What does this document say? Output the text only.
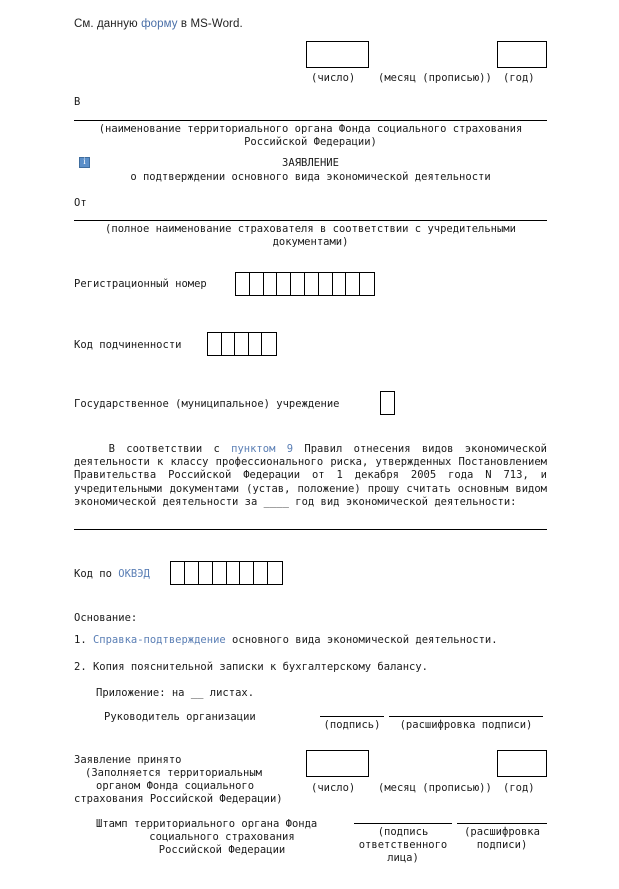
См. данную форму в MS-Word.
i
(число) (месяц (прописью)) (год)
В
(наименование территориального органа Фонда социального страхования
Российской Федерации)
ЗАЯВЛЕНИЕ
о подтверждении основного вида экономической деятельности
От
(полное наименование страхователя в соответствии с учредительными
документами)
Регистрационный номер
Код подчиненности
Государственное (муниципальное) учреждение
В соответствии с пунктом 9 Правил отнесения видов экономической деятельности к классу профессионального риска, утвержденных Постановлением Правительства Российской Федерации от 1 декабря 2005 года N 713, и учредительными документами (устав, положение) прошу считать основным видом экономической деятельности за ____ год вид экономической деятельности:
Код по ОКВЭД
Основание:
1. Справка-подтверждение основного вида экономической деятельности.
2. Копия пояснительной записки к бухгалтерскому балансу.
Приложение: на __ листах.
Руководитель организации
(подпись)	(расшифровка подписи)
Заявление принято
(Заполняется территориальным
органом Фонда социального
страхования Российской Федерации)
(число) (месяц (прописью)) (год)
Штамп территориального органа Фонда
социального страхования
Российской Федерации
(подпись
ответственного
лица)
(расшифровка
подписи)
